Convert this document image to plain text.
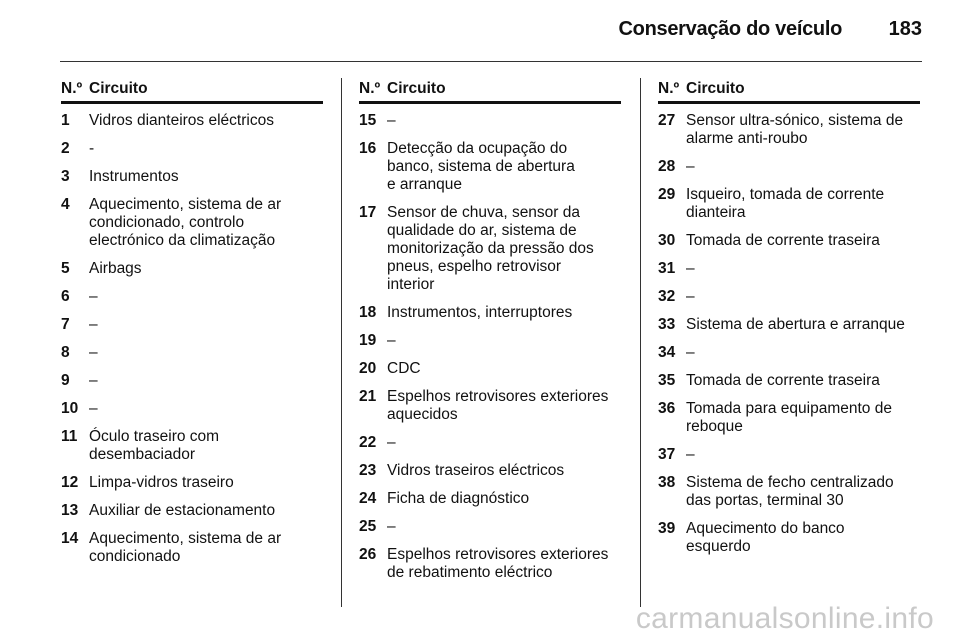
Conservação do veículo 183
N.º Circuito
1	Vidros dianteiros eléctricos
2	-
3	Instrumentos
4	Aquecimento, sistema de ar
condicionado, controlo
electrónico da climatização
5	Airbags
6	–
7	–
8	–
9	–
10 –
11 Óculo traseiro com
desembaciador
12 Limpa-vidros traseiro
13 Auxiliar de estacionamento
14 Aquecimento, sistema de ar
condicionado
N.º Circuito
15 –
16 Detecção da ocupação do
banco, sistema de abertura
e arranque
17 Sensor de chuva, sensor da
qualidade do ar, sistema de
monitorização da pressão dos
pneus, espelho retrovisor
interior
18 Instrumentos, interruptores
19 –
20 CDC
21 Espelhos retrovisores exteriores
aquecidos
22 –
23 Vidros traseiros eléctricos
24 Ficha de diagnóstico
25 –
26 Espelhos retrovisores exteriores
de rebatimento eléctrico
N.º Circuito
27 Sensor ultra-sónico, sistema de
alarme anti-roubo
28 –
29 Isqueiro, tomada de corrente
dianteira
30 Tomada de corrente traseira
31 –
32 –
33 Sistema de abertura e arranque
34 –
35 Tomada de corrente traseira
36 Tomada para equipamento de
reboque
37 –
38 Sistema de fecho centralizado
das portas, terminal 30
39 Aquecimento do banco
esquerdo
carmanualsonline.info
